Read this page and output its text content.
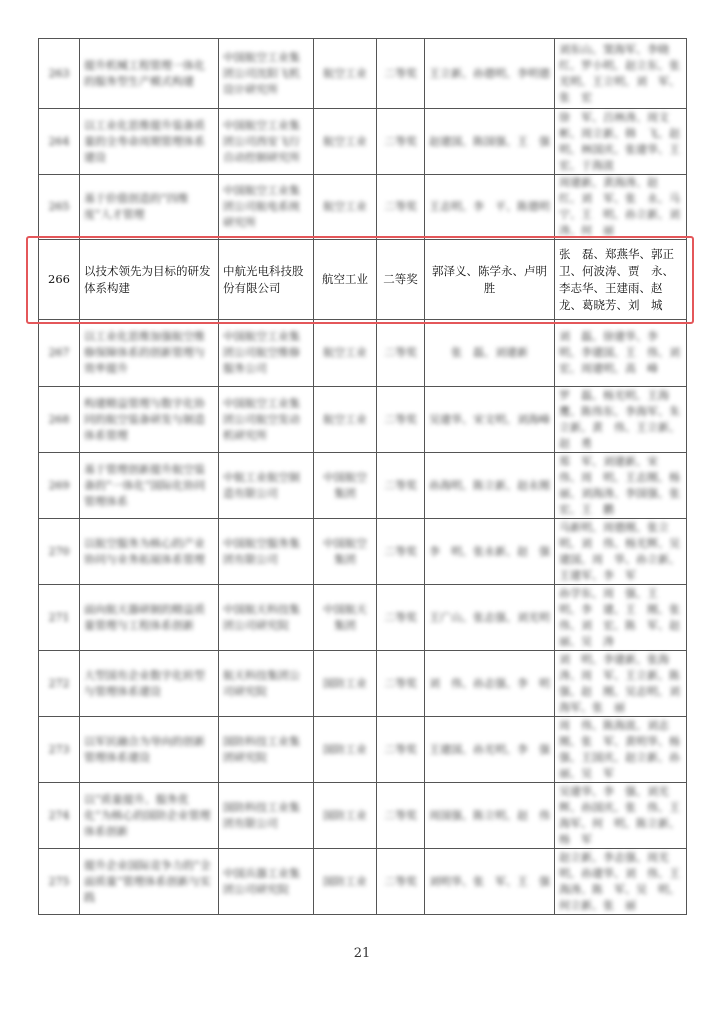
263	提升机械工程管理一体化的服务型生产模式构建	中国航空工业集团公司沈阳飞机设计研究所	航空工业	二等奖	王立新、孙德明、李明德	刘东山、窦海军、李晓红、罗小明、赵立东、张光明、王立明、刘　军、张　宏
264	以工业化思维提升装备质量的全寿命周期管理体系建设	中国航空工业集团公司西安飞行自动控制研究所	航空工业	二等奖	赵建国、陈国强、王　强	徐　军、吕林涛、周文彬、周立新、韩　飞、赵　明、林国庆、张建华、王　宏、于海波
265	基于价值创造的“四维度”人才管理	中国航空工业集团公司航电系统研究所	航空工业	二等奖	王志明、李　平、陈德明	周建新、黄海涛、赵　红、刘　军、张　永、马　宁、王　明、孙立新、刘　涛、何　丽
266	以技术领先为目标的研发体系构建	中航光电科技股份有限公司	航空工业	二等奖	郭泽义、陈学永、卢明胜	张　磊、郑燕华、郭正卫、何波涛、贾　永、李志华、王建雨、赵　龙、葛晓芳、刘　城
267	以工业化思维加强航空维修保障体系的创新管理与效率提升	中国航空工业集团公司航空维修服务公司	航空工业	二等奖	张　磊、刘建新	刘　磊、徐建华、李　明、李建国、王　伟、刘　宏、周建明、高　峰
268	构建精益管理与数字化协同的航空装备研发与制造体系管理	中国航空工业集团公司航空发动机研究所	航空工业	二等奖	吴建华、宋文明、刘海峰	罗　磊、杨光明、王海鹰、陈伟东、李海军、朱立新、黄　伟、王立新、赵　勇
269	基于管理创新提升航空装备的“一体化”国际化协同管理体系	中航工业航空制造有限公司	中国航空集团	二等奖	孙海明、陈立新、赵永刚	郑　军、刘建新、宋　伟、周　明、王志刚、杨　丽、刘海涛、李国强、张　宏、王　鹏
270	以航空服务为核心的产业协同与业务拓展体系管理	中国航空服务集团有限公司	中国航空集团	二等奖	李　明、张永新、赵　强	马新明、周德刚、张立明、刘　伟、杨光辉、吴建国、周　华、孙立新、王建军、李　军
271	面向航天器研制的精益质量管理与工程体系创新	中国航天科技集团公司研究院	中国航天集团	二等奖	王广山、张志强、刘光明	孙学东、周　强、王　明、李　建、王　刚、张　伟、刘　宏、陈　军、赵　丽、吴　涛
272	大型国有企业数字化转型与管理体系建设	航天科技集团公司研究院	国防工业	二等奖	刘　伟、孙志强、李　明	刘　明、李建新、张海涛、周　军、王立新、陈　强、赵　刚、吴志明、刘海军、张　丽
273	以军民融合为导向的创新管理体系建设	国防科技工业集团研究院	国防工业	二等奖	王建国、孙光明、李　强	周　伟、陈海波、刘志刚、张　军、黄明华、杨　强、王国庆、赵立新、孙　丽、吴　军
274	以“质量提升、服务优化”为核心的国防企业管理体系创新	国防科技工业集团有限公司	国防工业	二等奖	周国强、陈立明、赵　伟	吴建华、李　强、刘光辉、孙国庆、张　伟、王海军、何　明、陈立新、杨　军
275	提升企业国际竞争力的“全面质量”管理体系创新与实践	中国兵器工业集团公司研究院	国防工业	二等奖	刘明华、张　军、王　强	赵立新、李志强、周光明、孙建华、刘　伟、王海涛、陈　军、吴　明、何立新、张　丽
21
